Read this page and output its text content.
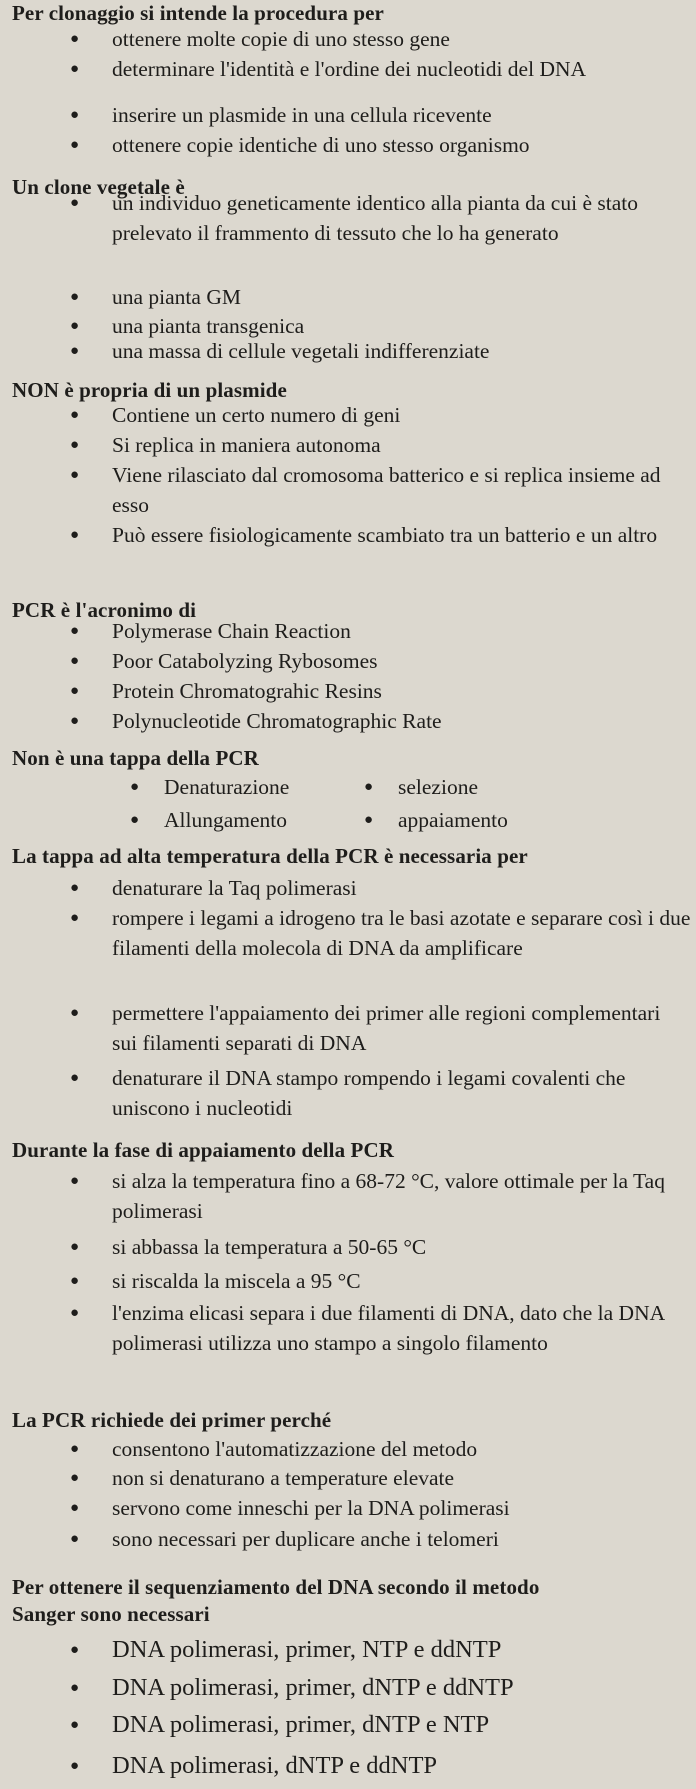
Per clonaggio si intende la procedura per
● ottenere molte copie di uno stesso gene
● determinare l'identità e l'ordine dei nucleotidi del DNA
● inserire un plasmide in una cellula ricevente
● ottenere copie identiche di uno stesso organismo
Un clone vegetale è
● un individuo geneticamente identico alla pianta da cui è stato prelevato il frammento di tessuto che lo ha generato
● una pianta GM
● una pianta transgenica
● una massa di cellule vegetali indifferenziate
NON è propria di un plasmide
● Contiene un certo numero di geni
● Si replica in maniera autonoma
● Viene rilasciato dal cromosoma batterico e si replica insieme ad esso
● Può essere fisiologicamente scambiato tra un batterio e un altro
PCR è l'acronimo di
● Polymerase Chain Reaction
● Poor Catabolyzing Rybosomes
● Protein Chromatograhic Resins
● Polynucleotide Chromatographic Rate
Non è una tappa della PCR
● Denaturazione	● selezione
● Allungamento	● appaiamento
La tappa ad alta temperatura della PCR è necessaria per
● denaturare la Taq polimerasi
● rompere i legami a idrogeno tra le basi azotate e separare così i due filamenti della molecola di DNA da amplificare
● permettere l'appaiamento dei primer alle regioni complementari sui filamenti separati di DNA
● denaturare il DNA stampo rompendo i legami covalenti che uniscono i nucleotidi
Durante la fase di appaiamento della PCR
● si alza la temperatura fino a 68-72 °C, valore ottimale per la Taq polimerasi
● si abbassa la temperatura a 50-65 °C
● si riscalda la miscela a 95 °C
● l'enzima elicasi separa i due filamenti di DNA, dato che la DNA polimerasi utilizza uno stampo a singolo filamento
La PCR richiede dei primer perché
● consentono l'automatizzazione del metodo
● non si denaturano a temperature elevate
● servono come inneschi per la DNA polimerasi
● sono necessari per duplicare anche i telomeri
Per ottenere il sequenziamento del DNA secondo il metodo
Sanger sono necessari
● DNA polimerasi, primer, NTP e ddNTP
● DNA polimerasi, primer, dNTP e ddNTP
● DNA polimerasi, primer, dNTP e NTP
● DNA polimerasi, dNTP e ddNTP
